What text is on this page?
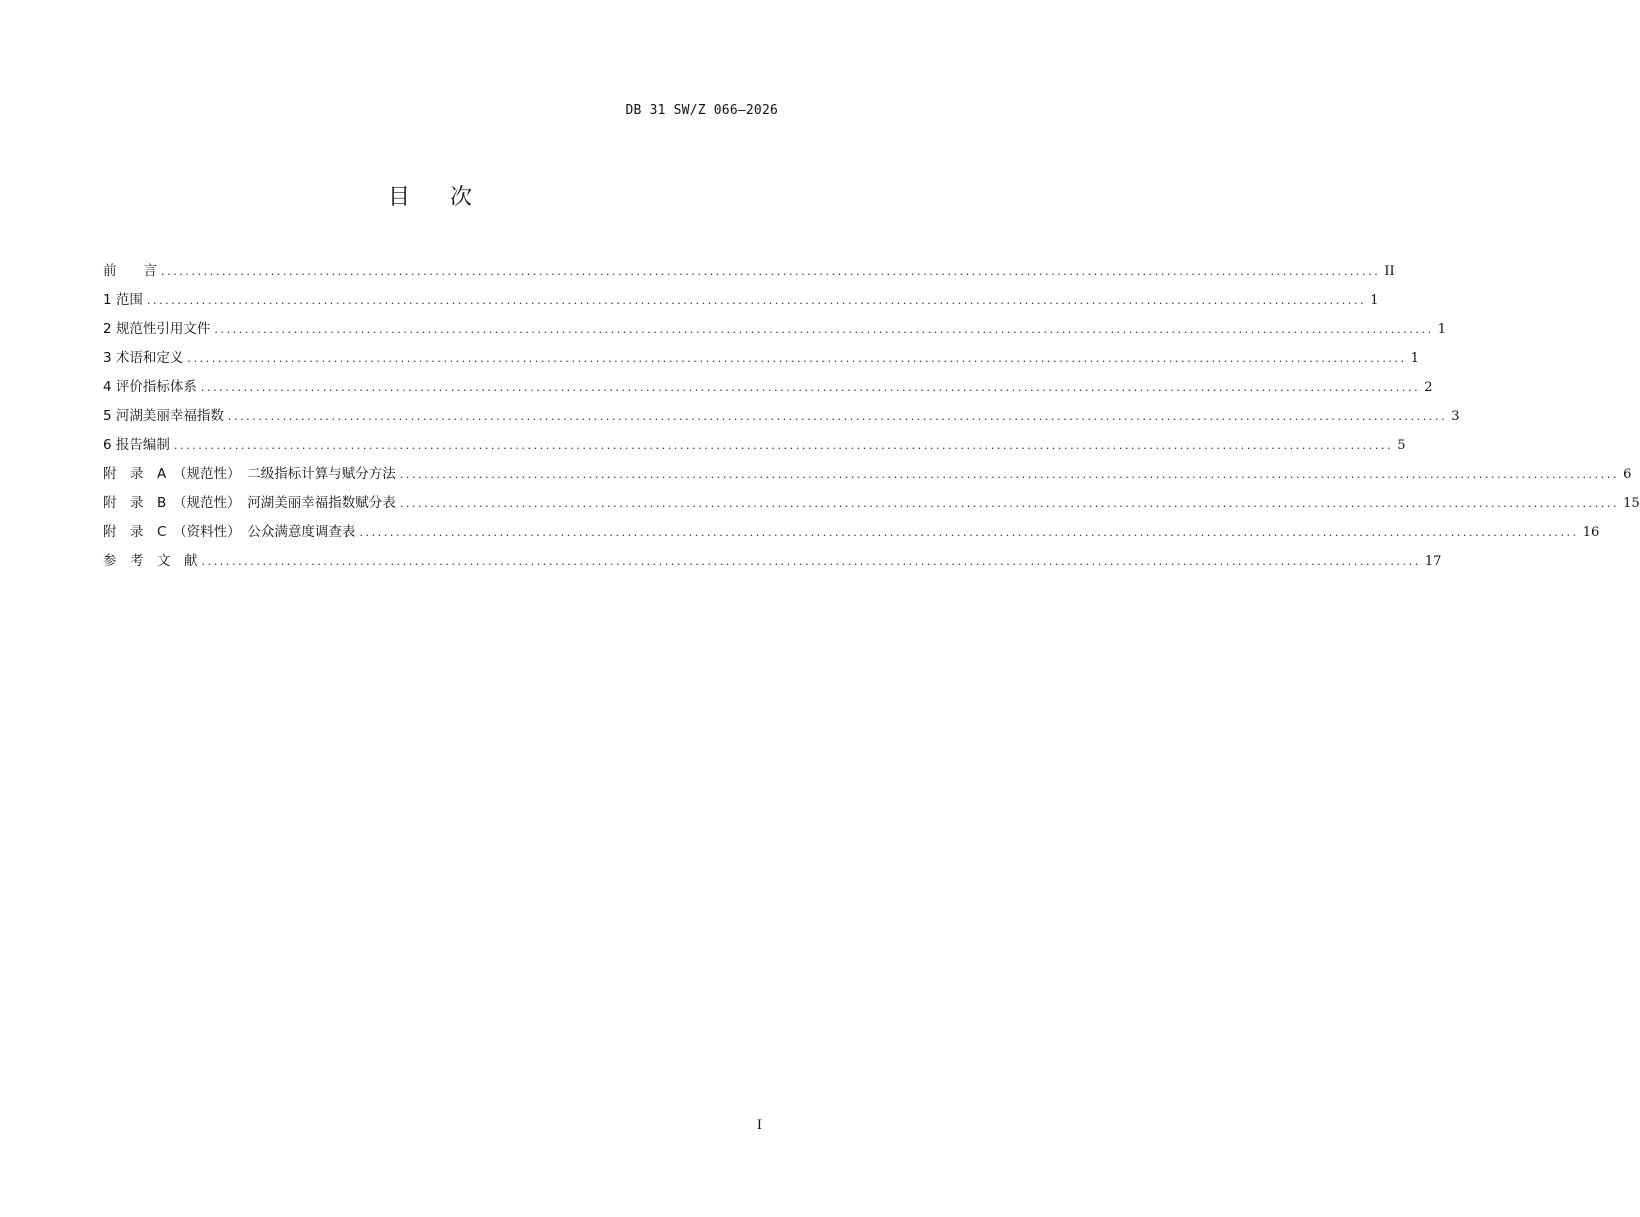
DB 31 SW/Z 066—2026
目次
前　　言 ........................................................................................................................................................................................................ II
1 范围 ........................................................................................................................................................................................................ 1
2 规范性引用文件 ........................................................................................................................................................................................................ 1
3 术语和定义 ........................................................................................................................................................................................................ 1
4 评价指标体系 ........................................................................................................................................................................................................ 2
5 河湖美丽幸福指数 ........................................................................................................................................................................................................ 3
6 报告编制 ........................................................................................................................................................................................................ 5
附　录　A　（规范性）　二级指标计算与赋分方法 ........................................................................................................................................................................................................ 6
附　录　B　（规范性）　河湖美丽幸福指数赋分表 ........................................................................................................................................................................................................ 15
附　录　C　（资料性）　公众满意度调查表 ........................................................................................................................................................................................................ 16
参　考　文　献 ........................................................................................................................................................................................................ 17
I
